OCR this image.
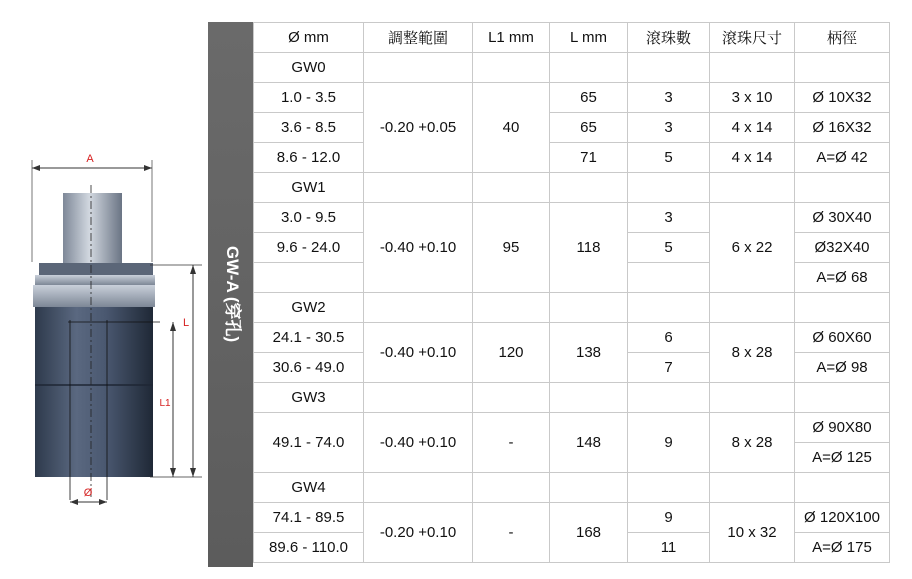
A
L
L1
Ø
GW-A (穿孔)
Ø mm	調整範圍	L1 mm	L mm	滾珠數	滾珠尺寸	柄徑
GW0						
1.0 - 3.5	-0.20 +0.05	40	65	3	3 x 10	Ø 10X32
3.6 - 8.5			65	3	4 x 14	Ø 16X32
8.6 - 12.0			71	5	4 x 14	A=Ø 42
GW1						
3.0 - 9.5	-0.40 +0.10	95	118	3	6 x 22	Ø 30X40
9.6 - 24.0				5		Ø32X40
						A=Ø 68
GW2						
24.1 - 30.5	-0.40 +0.10	120	138	6	8 x 28	Ø 60X60
30.6 - 49.0				7		A=Ø 98
GW3						
49.1 - 74.0	-0.40 +0.10	-	148	9	8 x 28	Ø 90X80
						A=Ø 125
GW4						
74.1 - 89.5	-0.20 +0.10	-	168	9	10 x 32	Ø 120X100
89.6 - 110.0				11		A=Ø 175
